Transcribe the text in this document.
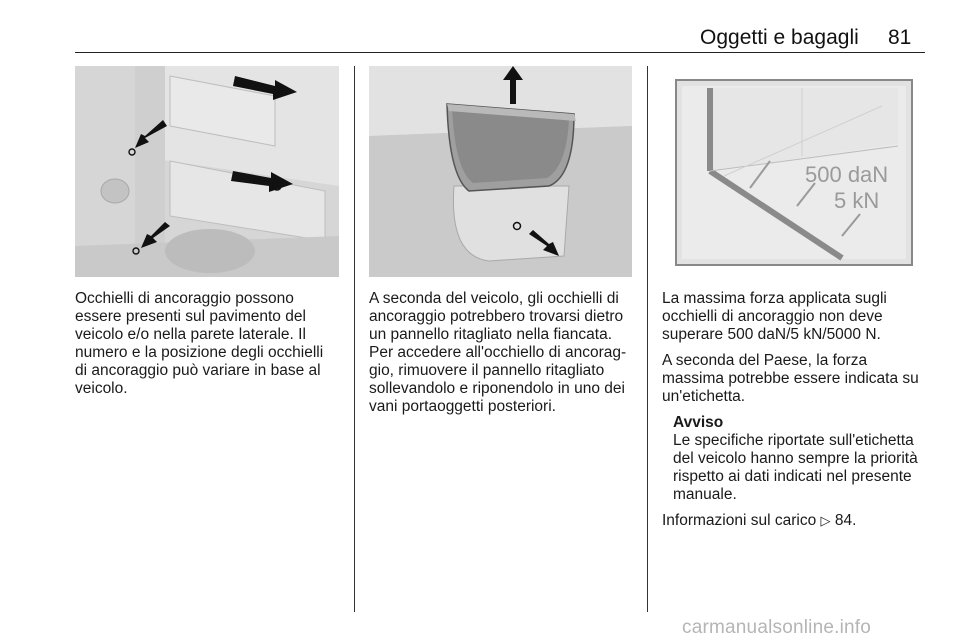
Oggetti e bagagli 81
500 daN
5 kN

Occhielli di ancoraggio possono essere presenti sul pavimento del veicolo e/o nella parete laterale. Il numero e la posizione degli occhielli di ancoraggio può variare in base al veicolo.

A seconda del veicolo, gli occhielli di ancoraggio potrebbero trovarsi dietro un pannello ritagliato nella fiancata. Per accedere all'occhiello di ancorag- gio, rimuovere il pannello ritagliato sollevandolo e riponendolo in uno dei vani portaoggetti posteriori.

La massima forza applicata sugli occhielli di ancoraggio non deve superare 500 daN/5 kN/5000 N.

A seconda del Paese, la forza massima potrebbe essere indicata su un'etichetta.

Avviso
Le specifiche riportate sull'etichetta del veicolo hanno sempre la priorità rispetto ai dati indicati nel presente manuale.

Informazioni sul carico ▷ 84.

carmanualsonline.info
